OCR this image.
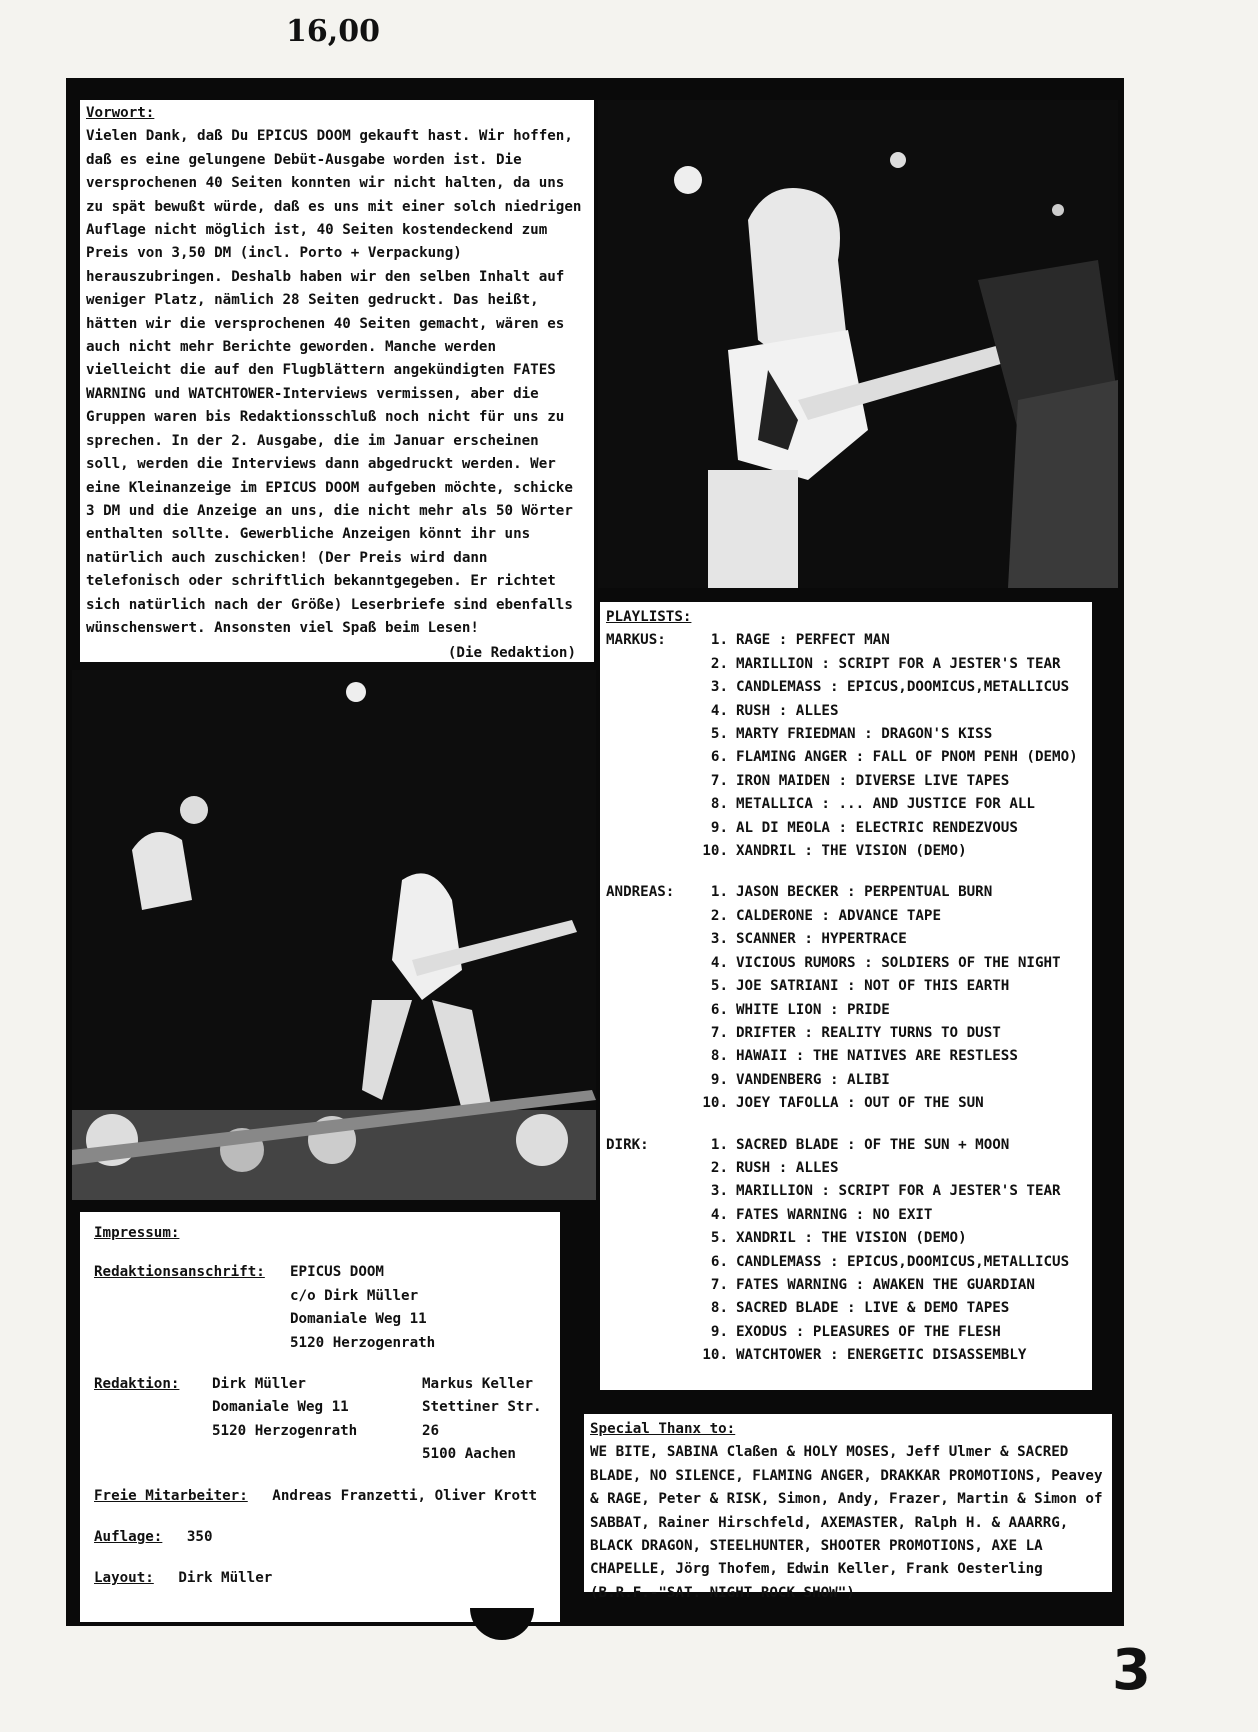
16,00
Vorwort:

Vielen Dank, daß Du EPICUS DOOM gekauft hast. Wir hoffen, daß es eine gelungene Debüt-Ausgabe worden ist. Die versprochenen 40 Seiten konnten wir nicht halten, da uns zu spät bewußt würde, daß es uns mit einer solch niedrigen Auflage nicht möglich ist, 40 Seiten kostendeckend zum Preis von 3,50 DM (incl. Porto + Verpackung) herauszubringen. Deshalb haben wir den selben Inhalt auf weniger Platz, nämlich 28 Seiten gedruckt. Das heißt, hätten wir die versprochenen 40 Seiten gemacht, wären es auch nicht mehr Berichte geworden. Manche werden vielleicht die auf den Flugblättern angekündigten FATES WARNING und WATCHTOWER-Interviews vermissen, aber die Gruppen waren bis Redaktionsschluß noch nicht für uns zu sprechen. In der 2. Ausgabe, die im Januar erscheinen soll, werden die Interviews dann abgedruckt werden. Wer eine Kleinanzeige im EPICUS DOOM aufgeben möchte, schicke 3 DM und die Anzeige an uns, die nicht mehr als 50 Wörter enthalten sollte. Gewerbliche Anzeigen könnt ihr uns natürlich auch zuschicken! (Der Preis wird dann telefonisch oder schriftlich bekanntgegeben. Er richtet sich natürlich nach der Größe) Leserbriefe sind ebenfalls wünschenswert. Ansonsten viel Spaß beim Lesen!

(Die Redaktion)
PLAYLISTS:
MARKUS:	1. RAGE : PERFECT MAN
2. MARILLION : SCRIPT FOR A JESTER'S TEAR
3. CANDLEMASS : EPICUS,DOOMICUS,METALLICUS
4. RUSH : ALLES
5. MARTY FRIEDMAN : DRAGON'S KISS
6. FLAMING ANGER : FALL OF PNOM PENH (DEMO)
7. IRON MAIDEN : DIVERSE LIVE TAPES
8. METALLICA : ... AND JUSTICE FOR ALL
9. AL DI MEOLA : ELECTRIC RENDEZVOUS
10. XANDRIL : THE VISION (DEMO)
ANDREAS:	1. JASON BECKER : PERPENTUAL BURN
2. CALDERONE : ADVANCE TAPE
3. SCANNER : HYPERTRACE
4. VICIOUS RUMORS : SOLDIERS OF THE NIGHT
5. JOE SATRIANI : NOT OF THIS EARTH
6. WHITE LION : PRIDE
7. DRIFTER : REALITY TURNS TO DUST
8. HAWAII : THE NATIVES ARE RESTLESS
9. VANDENBERG : ALIBI
10. JOEY TAFOLLA : OUT OF THE SUN
DIRK:	1. SACRED BLADE : OF THE SUN + MOON
2. RUSH : ALLES
3. MARILLION : SCRIPT FOR A JESTER'S TEAR
4. FATES WARNING : NO EXIT
5. XANDRIL : THE VISION (DEMO)
6. CANDLEMASS : EPICUS,DOOMICUS,METALLICUS
7. FATES WARNING : AWAKEN THE GUARDIAN
8. SACRED BLADE : LIVE & DEMO TAPES
9. EXODUS : PLEASURES OF THE FLESH
10. WATCHTOWER : ENERGETIC DISASSEMBLY
Impressum:
Redaktionsanschrift:	EPICUS DOOM
c/o Dirk Müller
Domaniale Weg 11
5120 Herzogenrath
Redaktion:	Dirk Müller
Domaniale Weg 11
5120 Herzogenrath
Markus Keller
Stettiner Str. 26
5100 Aachen
Freie Mitarbeiter: Andreas Franzetti, Oliver Krott
Auflage: 350
Layout: Dirk Müller
Special Thanx to:
WE BITE, SABINA Claßen & HOLY MOSES, Jeff Ulmer & SACRED BLADE, NO SILENCE, FLAMING ANGER, DRAKKAR PROMOTIONS, Peavey & RAGE, Peter & RISK, Simon, Andy, Frazer, Martin & Simon of SABBAT, Rainer Hirschfeld, AXEMASTER, Ralph H. & AAARRG, BLACK DRAGON, STEELHUNTER, SHOOTER PROMOTIONS, AXE LA CHAPELLE, Jörg Thofem, Edwin Keller, Frank Oesterling (B.R.F.-"SAT. NIGHT ROCK SHOW")
3
